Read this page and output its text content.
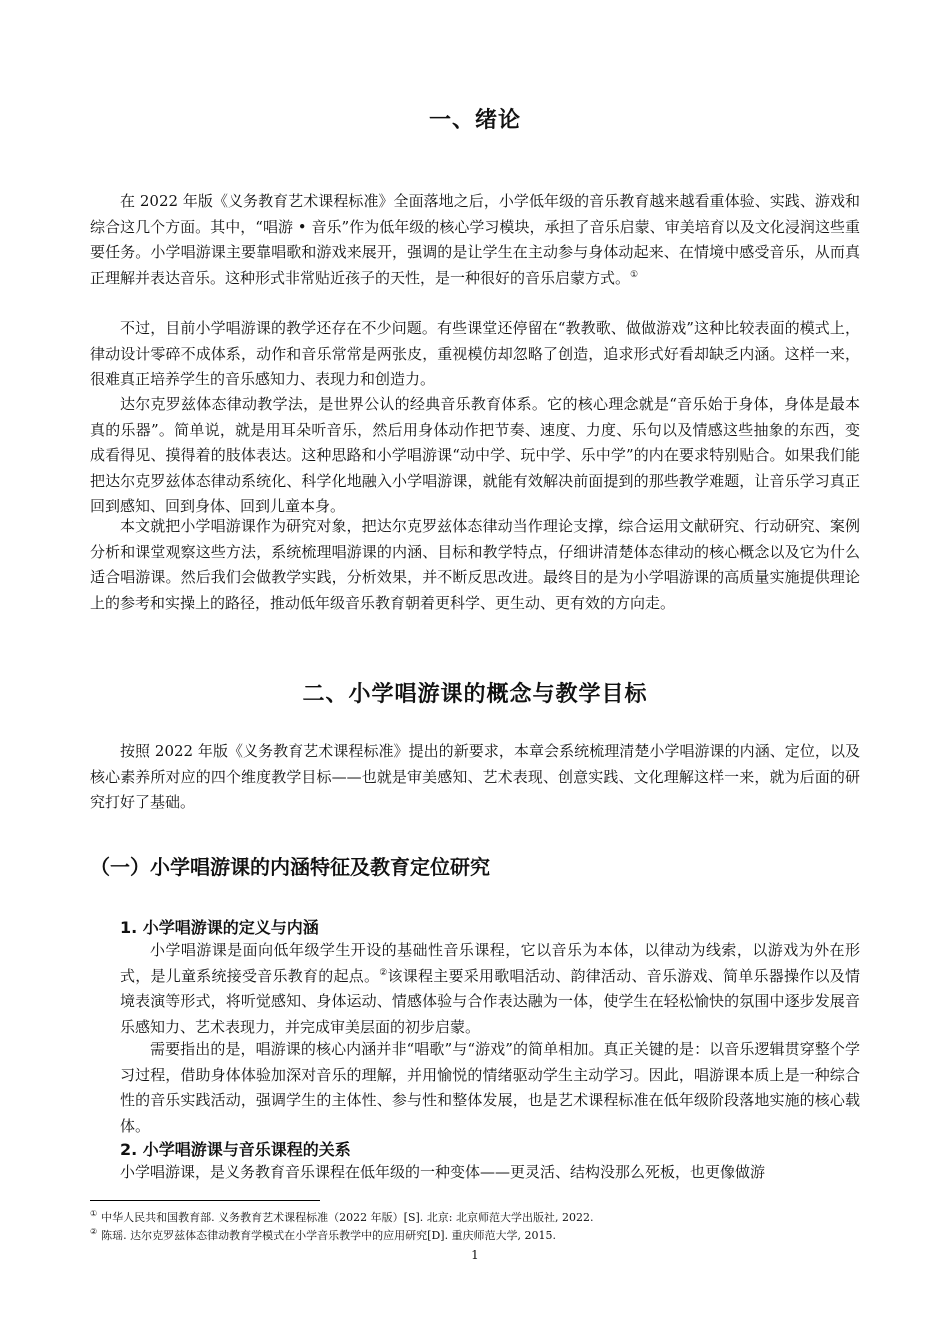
一、绪论
在 2022 年版《义务教育艺术课程标准》全面落地之后，小学低年级的音乐教育越来越看重体验、实践、游戏和综合这几个方面。其中，“唱游 • 音乐”作为低年级的核心学习模块，承担了音乐启蒙、审美培育以及文化浸润这些重要任务。小学唱游课主要靠唱歌和游戏来展开，强调的是让学生在主动参与身体动起来、在情境中感受音乐，从而真正理解并表达音乐。这种形式非常贴近孩子的天性，是一种很好的音乐启蒙方式。①
不过，目前小学唱游课的教学还存在不少问题。有些课堂还停留在“教教歌、做做游戏”这种比较表面的模式上，律动设计零碎不成体系，动作和音乐常常是两张皮，重视模仿却忽略了创造，追求形式好看却缺乏内涵。这样一来，很难真正培养学生的音乐感知力、表现力和创造力。
达尔克罗兹体态律动教学法，是世界公认的经典音乐教育体系。它的核心理念就是“音乐始于身体，身体是最本真的乐器”。简单说，就是用耳朵听音乐，然后用身体动作把节奏、速度、力度、乐句以及情感这些抽象的东西，变成看得见、摸得着的肢体表达。这种思路和小学唱游课“动中学、玩中学、乐中学”的内在要求特别贴合。如果我们能把达尔克罗兹体态律动系统化、科学化地融入小学唱游课，就能有效解决前面提到的那些教学难题，让音乐学习真正回到感知、回到身体、回到儿童本身。
本文就把小学唱游课作为研究对象，把达尔克罗兹体态律动当作理论支撑，综合运用文献研究、行动研究、案例分析和课堂观察这些方法，系统梳理唱游课的内涵、目标和教学特点，仔细讲清楚体态律动的核心概念以及它为什么适合唱游课。然后我们会做教学实践，分析效果，并不断反思改进。最终目的是为小学唱游课的高质量实施提供理论上的参考和实操上的路径，推动低年级音乐教育朝着更科学、更生动、更有效的方向走。
二、小学唱游课的概念与教学目标
按照 2022 年版《义务教育艺术课程标准》提出的新要求，本章会系统梳理清楚小学唱游课的内涵、定位，以及核心素养所对应的四个维度教学目标——也就是审美感知、艺术表现、创意实践、文化理解这样一来，就为后面的研究打好了基础。
（一）小学唱游课的内涵特征及教育定位研究
1. 小学唱游课的定义与内涵
小学唱游课是面向低年级学生开设的基础性音乐课程，它以音乐为本体，以律动为线索，以游戏为外在形式，是儿童系统接受音乐教育的起点。②该课程主要采用歌唱活动、韵律活动、音乐游戏、简单乐器操作以及情境表演等形式，将听觉感知、身体运动、情感体验与合作表达融为一体，使学生在轻松愉快的氛围中逐步发展音乐感知力、艺术表现力，并完成审美层面的初步启蒙。
需要指出的是，唱游课的核心内涵并非“唱歌”与“游戏”的简单相加。真正关键的是：以音乐逻辑贯穿整个学习过程，借助身体体验加深对音乐的理解，并用愉悦的情绪驱动学生主动学习。因此，唱游课本质上是一种综合性的音乐实践活动，强调学生的主体性、参与性和整体发展，也是艺术课程标准在低年级阶段落地实施的核心载体。
2. 小学唱游课与音乐课程的关系
小学唱游课，是义务教育音乐课程在低年级的一种变体——更灵活、结构没那么死板，也更像做游
① 中华人民共和国教育部. 义务教育艺术课程标准（2022 年版）[S]. 北京: 北京师范大学出版社, 2022.
② 陈瑶. 达尔克罗兹体态律动教育学模式在小学音乐教学中的应用研究[D]. 重庆师范大学, 2015.
1
